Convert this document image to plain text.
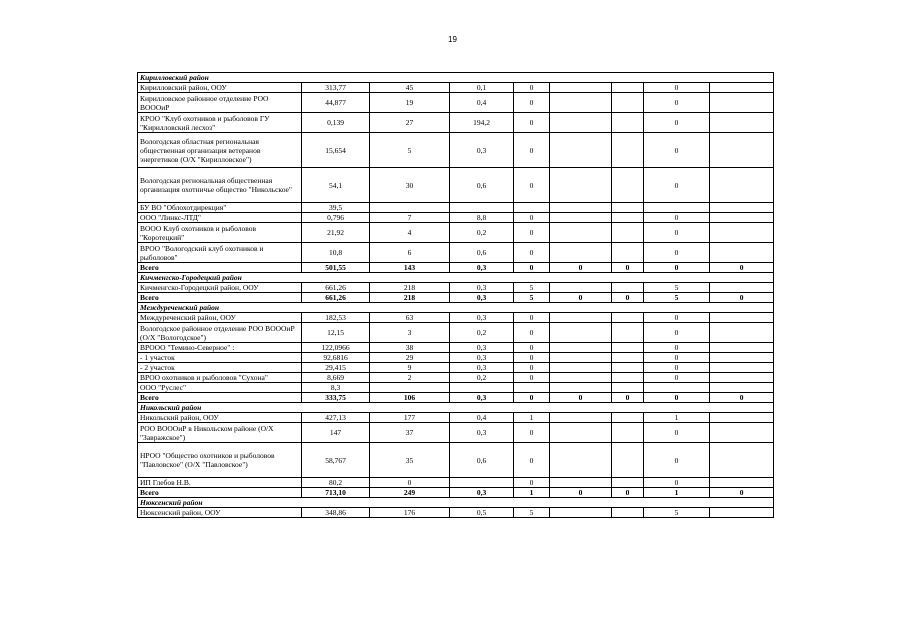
19
Кирилловский район								
Кирилловский район, ООУ	313,77	45	0,1	0			0	
Кирилловское районное отделение РОО ВОООиР	44,877	19	0,4	0			0	
КРОО "Клуб охотников и рыболовов ГУ "Кирилловский лесхоз"	0,139	27	194,2	0			0	
Вологодская областная региональная общественная организация ветеранов энергетиков (О/Х "Кирилловское")	15,654	5	0,3	0			0	
Вологодская региональная общественная организация охотничье общество "Никольское"	54,1	30	0,6	0			0	
БУ ВО "Облохотдирекция"	39,5							
ООО "Линкс-ЛТД"	0,796	7	8,8	0			0	
ВООО Клуб охотников и рыболовов "Коротецкий"	21,92	4	0,2	0			0	
ВРОО "Вологодский клуб охотников и рыболовов"	10,8	6	0,6	0			0	
Всего	501,55	143	0,3	0	0	0	0	0
Кичменгско-Городецкий район								
Кичменгско-Городецкий район, ООУ	661,26	218	0,3	5			5	
Всего	661,26	218	0,3	5	0	0	5	0
Междуреченский район								
Междуреченский район, ООУ	182,53	63	0,3	0			0	
Вологодское районное отделение РОО ВОООиР (О/Х "Вологодское")	12,15	3	0,2	0			0	
ВРООО "Темино-Северное" :	122,0966	38	0,3	0			0	
- 1 участок	92,6816	29	0,3	0			0	
- 2 участок	29,415	9	0,3	0			0	
ВРОО охотников и рыболовов "Сухона"	8,669	2	0,2	0			0	
ООО "Руслес"	8,3							
Всего	333,75	106	0,3	0	0	0	0	0
Никольский район								
Никольский район, ООУ	427,13	177	0,4	1			1	
РОО ВОООиР в Никольском районе (О/Х "Завражское")	147	37	0,3	0			0	
НРОО "Общество охотников и рыболовов "Павловское" (О/Х "Павловское")	58,767	35	0,6	0			0	
ИП Глебов Н.В.	80,2	0		0			0	
Всего	713,10	249	0,3	1	0	0	1	0
Нюксенский район								
Нюксенский район, ООУ	348,86	176	0,5	5			5	
